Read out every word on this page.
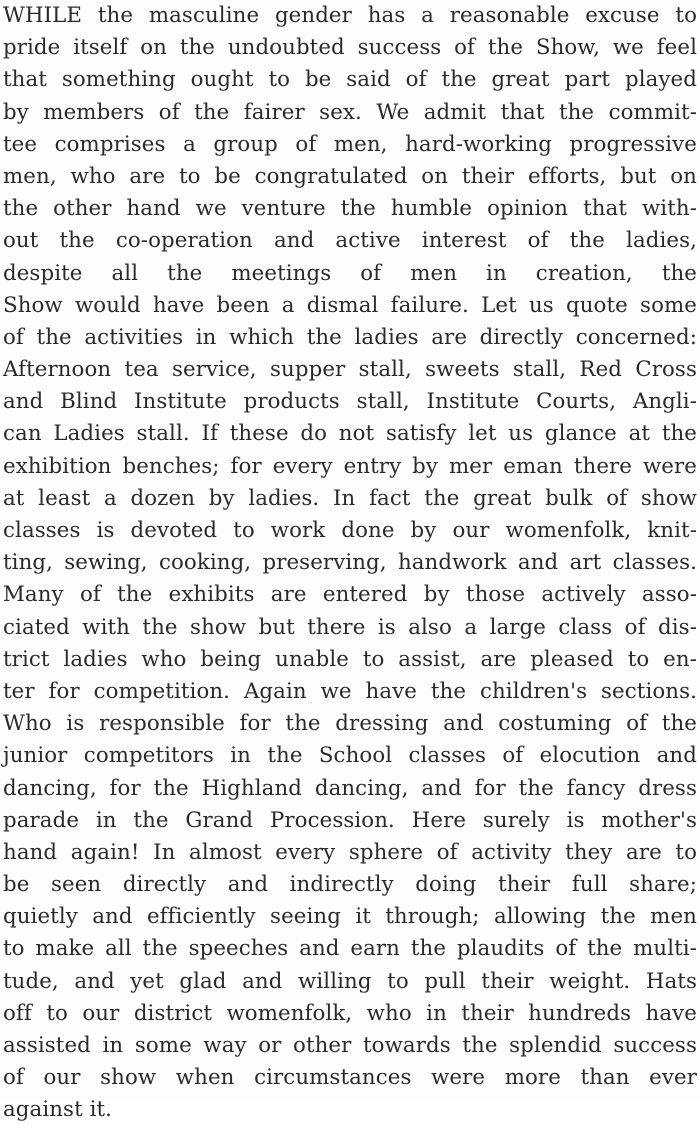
WHILE the masculine gender has a reasonable excuse to
pride itself on the undoubted success of the Show, we feel
that something ought to be said of the great part played
by members of the fairer sex. We admit that the commit-
tee comprises a group of men, hard-working progressive
men, who are to be congratulated on their efforts, but on
the other hand we venture the humble opinion that with-
out the co-operation and active interest of the ladies,
despite all the meetings of men in creation, the
Show would have been a dismal failure. Let us quote some
of the activities in which the ladies are directly concerned:
Afternoon tea service, supper stall, sweets stall, Red Cross
and Blind Institute products stall, Institute Courts, Angli-
can Ladies stall. If these do not satisfy let us glance at the
exhibition benches; for every entry by mer eman there were
at least a dozen by ladies. In fact the great bulk of show
classes is devoted to work done by our womenfolk, knit-
ting, sewing, cooking, preserving, handwork and art classes.
Many of the exhibits are entered by those actively asso-
ciated with the show but there is also a large class of dis-
trict ladies who being unable to assist, are pleased to en-
ter for competition. Again we have the children's sections.
Who is responsible for the dressing and costuming of the
junior competitors in the School classes of elocution and
dancing, for the Highland dancing, and for the fancy dress
parade in the Grand Procession. Here surely is mother's
hand again! In almost every sphere of activity they are to
be seen directly and indirectly doing their full share;
quietly and efficiently seeing it through; allowing the men
to make all the speeches and earn the plaudits of the multi-
tude, and yet glad and willing to pull their weight. Hats
off to our district womenfolk, who in their hundreds have
assisted in some way or other towards the splendid success
of our show when circumstances were more than ever
against it.
